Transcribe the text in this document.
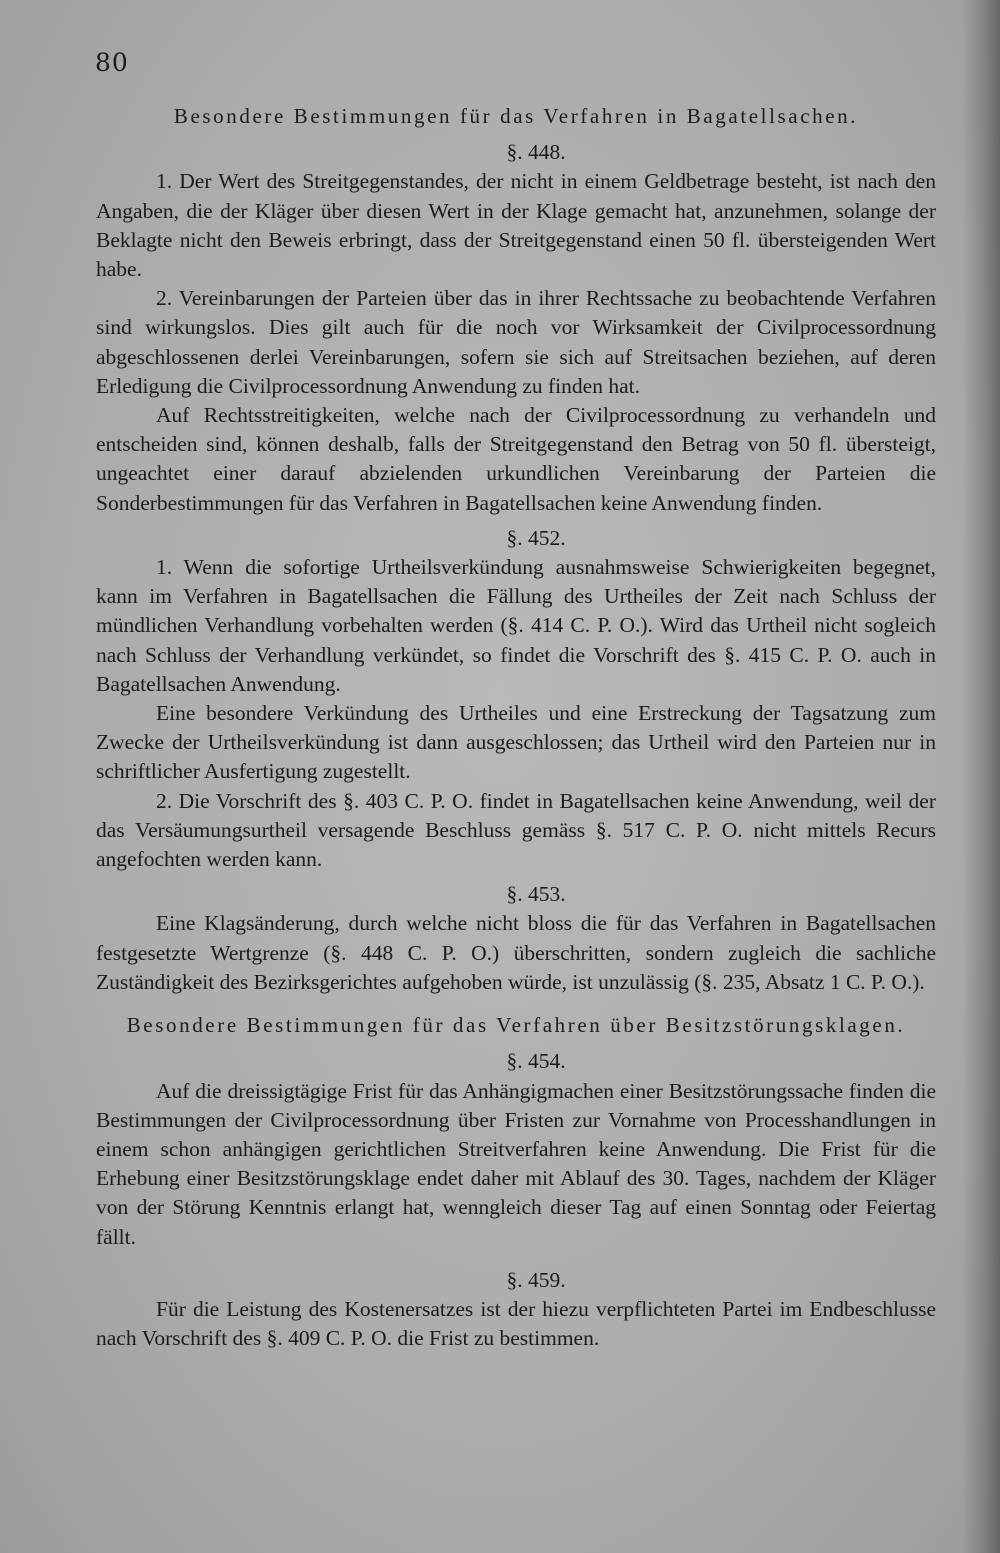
80
Besondere Bestimmungen für das Verfahren in Bagatellsachen.
§. 448.

1. Der Wert des Streitgegenstandes, der nicht in einem Geldbetrage besteht, ist nach den Angaben, die der Kläger über diesen Wert in der Klage gemacht hat, anzunehmen, solange der Beklagte nicht den Beweis erbringt, dass der Streitgegenstand einen 50 fl. übersteigenden Wert habe.

2. Vereinbarungen der Parteien über das in ihrer Rechtssache zu beobachtende Verfahren sind wirkungslos. Dies gilt auch für die noch vor Wirksamkeit der Civilprocessordnung abgeschlossenen derlei Vereinbarungen, sofern sie sich auf Streitsachen beziehen, auf deren Erledigung die Civilprocessordnung Anwendung zu finden hat.

Auf Rechtsstreitigkeiten, welche nach der Civilprocessordnung zu verhandeln und entscheiden sind, können deshalb, falls der Streitgegenstand den Betrag von 50 fl. übersteigt, ungeachtet einer darauf abzielenden urkundlichen Vereinbarung der Parteien die Sonderbestimmungen für das Verfahren in Bagatellsachen keine Anwendung finden.

§. 452.

1. Wenn die sofortige Urtheilsverkündung ausnahmsweise Schwierigkeiten begegnet, kann im Verfahren in Bagatellsachen die Fällung des Urtheiles der Zeit nach Schluss der mündlichen Verhandlung vorbehalten werden (§. 414 C. P. O.). Wird das Urtheil nicht sogleich nach Schluss der Verhandlung verkündet, so findet die Vorschrift des §. 415 C. P. O. auch in Bagatellsachen Anwendung.

Eine besondere Verkündung des Urtheiles und eine Erstreckung der Tagsatzung zum Zwecke der Urtheilsverkündung ist dann ausgeschlossen; das Urtheil wird den Parteien nur in schriftlicher Ausfertigung zugestellt.

2. Die Vorschrift des §. 403 C. P. O. findet in Bagatellsachen keine Anwendung, weil der das Versäumungsurtheil versagende Beschluss gemäss §. 517 C. P. O. nicht mittels Recurs angefochten werden kann.

§. 453.

Eine Klagsänderung, durch welche nicht bloss die für das Verfahren in Bagatellsachen festgesetzte Wertgrenze (§. 448 C. P. O.) überschritten, sondern zugleich die sachliche Zuständigkeit des Bezirksgerichtes aufgehoben würde, ist unzulässig (§. 235, Absatz 1 C. P. O.).

Besondere Bestimmungen für das Verfahren über Besitzstörungsklagen.
§. 454.

Auf die dreissigtägige Frist für das Anhängigmachen einer Besitzstörungssache finden die Bestimmungen der Civilprocessordnung über Fristen zur Vornahme von Processhandlungen in einem schon anhängigen gerichtlichen Streitverfahren keine Anwendung. Die Frist für die Erhebung einer Besitzstörungsklage endet daher mit Ablauf des 30. Tages, nachdem der Kläger von der Störung Kenntnis erlangt hat, wenngleich dieser Tag auf einen Sonntag oder Feiertag fällt.

§. 459.

Für die Leistung des Kostenersatzes ist der hiezu verpflichteten Partei im Endbeschlusse nach Vorschrift des §. 409 C. P. O. die Frist zu bestimmen.
